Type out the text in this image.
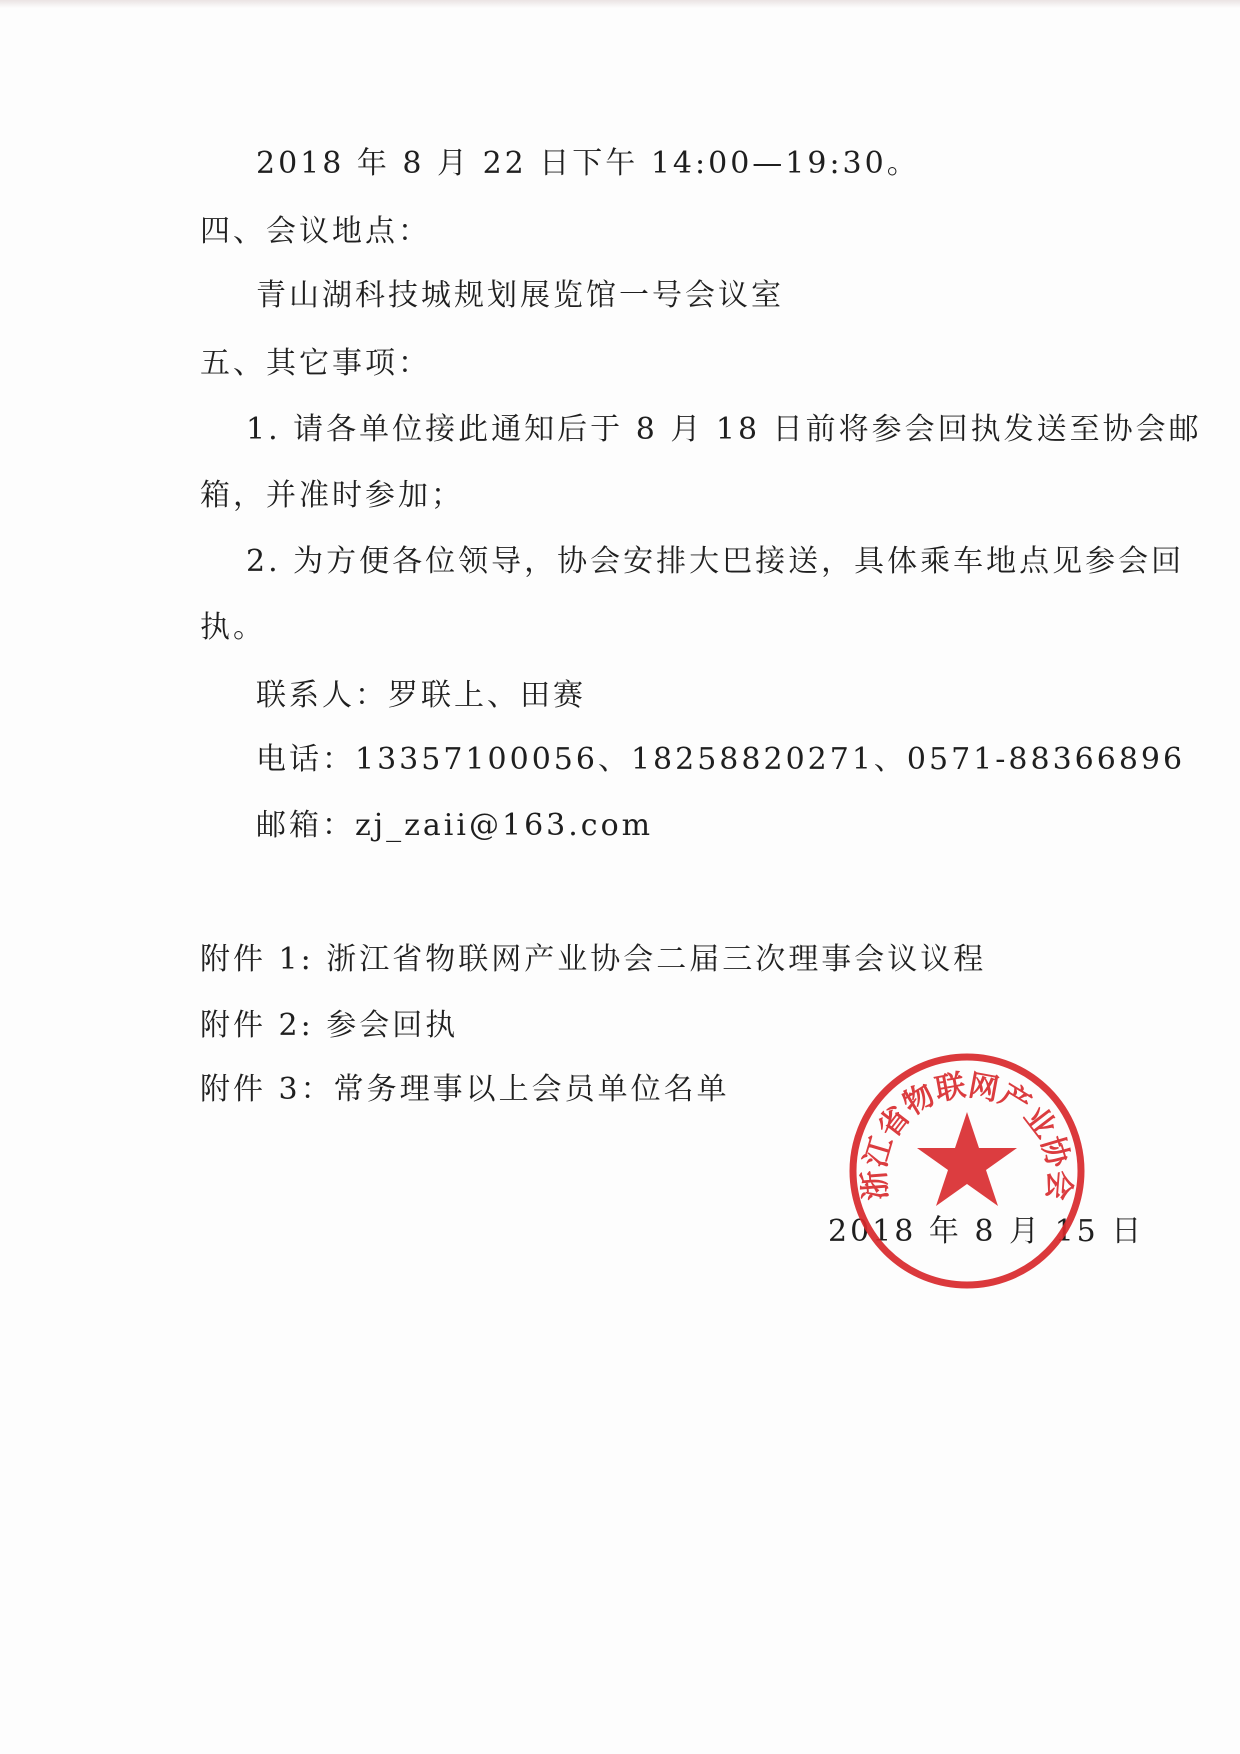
2018 年 8 月 22 日下午 14:00—19:30。
四、会议地点：
青山湖科技城规划展览馆一号会议室
五、其它事项：
1. 请各单位接此通知后于 8 月 18 日前将参会回执发送至协会邮
箱，并准时参加；
2. 为方便各位领导，协会安排大巴接送，具体乘车地点见参会回
执。
联系人：罗联上、田赛
电话：13357100056、18258820271、0571-88366896
邮箱：zj_zaii@163.com
附件 1: 浙江省物联网产业协会二届三次理事会议议程
附件 2: 参会回执
附件 3：常务理事以上会员单位名单
2018 年 8 月 15 日
浙江省物联网产业协会
